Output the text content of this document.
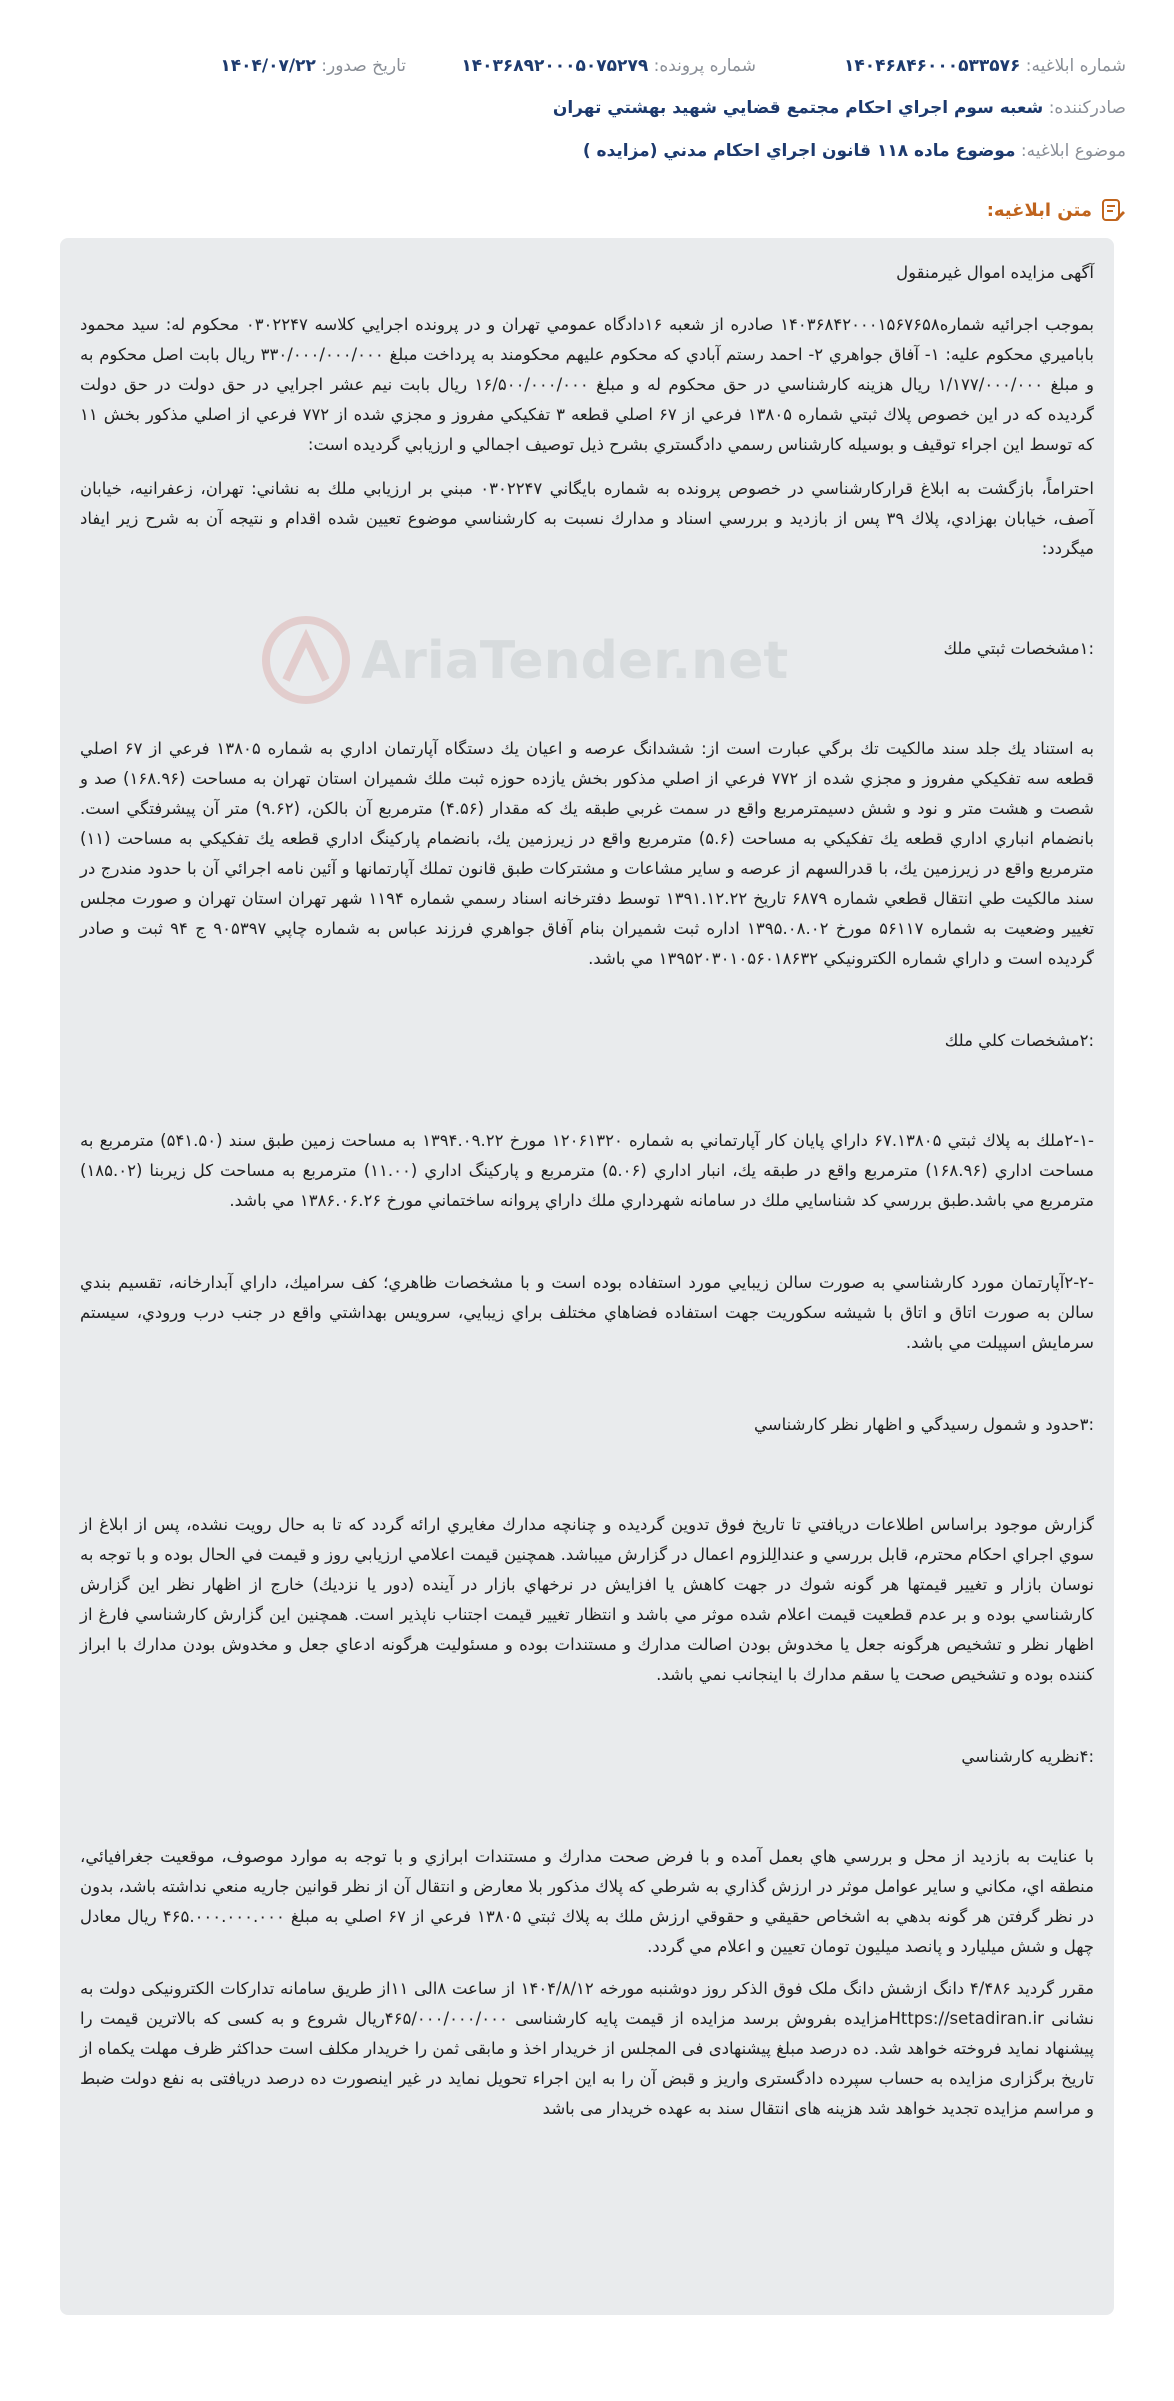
شماره ابلاغیه: ۱۴۰۴۶۸۴۶۰۰۰۵۳۳۵۷۶
شماره پرونده: ۱۴۰۳۶۸۹۲۰۰۰۵۰۷۵۲۷۹
تاریخ صدور: ۱۴۰۴/۰۷/۲۲
صادرکننده: شعبه سوم اجراي احكام مجتمع قضايي شهيد بهشتي تهران
موضوع ابلاغیه: موضوع ماده ۱۱۸ قانون اجراي احكام مدني (مزايده )
متن ابلاغیه:

آگهی مزایده اموال غیرمنقول

بموجب اجرائيه شماره۱۴۰۳۶۸۴۲۰۰۰۱۵۶۷۶۵۸ صادره از شعبه ۱۶دادگاه عمومي تهران و در پرونده اجرايي كلاسه ۰۳۰۲۲۴۷ محكوم له: سيد محمود باباميري محكوم عليه: ۱- آفاق جواهري ۲- احمد رستم آبادي كه محكوم عليهم محكومند به پرداخت مبلغ ۳۳۰/۰۰۰/۰۰۰/۰۰۰ ريال بابت اصل محكوم به و مبلغ ۱/۱۷۷/۰۰۰/۰۰۰ ريال هزينه كارشناسي در حق محكوم له و مبلغ ۱۶/۵۰۰/۰۰۰/۰۰۰ ريال بابت نيم عشر اجرايي در حق دولت در حق دولت گرديده كه در اين خصوص پلاك ثبتي شماره ۱۳۸۰۵ فرعي از ۶۷ اصلي قطعه ۳ تفكيكي مفروز و مجزي شده از ۷۷۲ فرعي از اصلي مذكور بخش ۱۱ كه توسط اين اجراء توقيف و بوسيله كارشناس رسمي دادگستري بشرح ذيل توصيف اجمالي و ارزيابي گرديده است:

احتراماً، بازگشت به ابلاغ قرارکارشناسي در خصوص پرونده به شماره بايگاني ۰۳۰۲۲۴۷ مبني بر ارزيابي ملك به نشاني: تهران، زعفرانيه، خيابان آصف، خيابان بهزادي، پلاك ۳۹ پس از بازديد و بررسي اسناد و مدارك نسبت به كارشناسي موضوع تعيين شده اقدام و نتيجه آن به شرح زير ايفاد ميگردد:

:۱مشخصات ثبتي ملك

به استناد يك جلد سند مالكيت تك برگي عبارت است از: ششدانگ عرصه و اعيان يك دستگاه آپارتمان اداري به شماره ۱۳۸۰۵ فرعي از ۶۷ اصلي قطعه سه تفكيكي مفروز و مجزي شده از ۷۷۲ فرعي از اصلي مذكور بخش يازده حوزه ثبت ملك شميران استان تهران به مساحت (۱۶۸.۹۶) صد و شصت و هشت متر و نود و شش دسيمترمربع واقع در سمت غربي طبقه يك كه مقدار (۴.۵۶) مترمربع آن بالكن، (۹.۶۲) متر آن پيشرفتگي است. بانضمام انباري اداري قطعه يك تفكيكي به مساحت (۵.۶) مترمربع واقع در زيرزمين يك، بانضمام پاركينگ اداري قطعه يك تفكيكي به مساحت (۱۱) مترمربع واقع در زيرزمين يك، با قدرالسهم از عرصه و ساير مشاعات و مشتركات طبق قانون تملك آپارتمانها و آئين نامه اجرائي آن با حدود مندرج در سند مالكيت طي انتقال قطعي شماره ۶۸۷۹ تاريخ ۱۳۹۱.۱۲.۲۲ توسط دفترخانه اسناد رسمي شماره ۱۱۹۴ شهر تهران استان تهران و صورت مجلس تغيير وضعيت به شماره ۵۶۱۱۷ مورخ ۱۳۹۵.۰۸.۰۲ اداره ثبت شميران بنام آفاق جواهري فرزند عباس به شماره چاپي ۹۰۵۳۹۷ ج ۹۴ ثبت و صادر گرديده است و داراي شماره الكترونيكي ۱۳۹۵۲۰۳۰۱۰۵۶۰۱۸۶۳۲ مي باشد.

:۲مشخصات كلي ملك

-۲-۱ملك به پلاك ثبتي ۶۷.۱۳۸۰۵ داراي پايان كار آپارتماني به شماره ۱۲۰۶۱۳۲۰ مورخ ۱۳۹۴.۰۹.۲۲ به مساحت زمين طبق سند (۵۴۱.۵۰) مترمربع به مساحت اداري (۱۶۸.۹۶) مترمربع واقع در طبقه يك، انبار اداري (۵.۰۶) مترمربع و پاركينگ اداري (۱۱.۰۰) مترمربع به مساحت كل زيربنا (۱۸۵.۰۲) مترمربع مي باشد.طبق بررسي كد شناسايي ملك در سامانه شهرداري ملك داراي پروانه ساختماني مورخ ۱۳۸۶.۰۶.۲۶ مي باشد.

-۲-۲آپارتمان مورد كارشناسي به صورت سالن زيبايي مورد استفاده بوده است و با مشخصات ظاهري؛ كف سراميك، داراي آبدارخانه، تقسيم بندي سالن به صورت اتاق و اتاق با شيشه سكوريت جهت استفاده فضاهاي مختلف براي زيبايي، سرويس بهداشتي واقع در جنب درب ورودي، سيستم سرمايش اسپيلت مي باشد.

:۳حدود و شمول رسيدگي و اظهار نظر كارشناسي

گزارش موجود براساس اطلاعات دريافتي تا تاريخ فوق تدوين گرديده و چنانچه مدارك مغايري ارائه گردد كه تا به حال رويت نشده، پس از ابلاغ از سوي اجراي احكام محترم، قابل بررسي و عندالِلزوم اعمال در گزارش ميباشد. همچنين قيمت اعلامي ارزيابي روز و قيمت في الحال بوده و با توجه به نوسان بازار و تغيير قيمتها هر گونه شوك در جهت كاهش يا افزايش در نرخهاي بازار در آينده (دور يا نزديك) خارج از اظهار نظر اين گزارش كارشناسي بوده و بر عدم قطعيت قيمت اعلام شده موثر مي باشد و انتظار تغيير قيمت اجتناب ناپذير است. همچنين اين گزارش كارشناسي فارغ از اظهار نظر و تشخيص هرگونه جعل يا مخدوش بودن اصالت مدارك و مستندات بوده و مسئوليت هرگونه ادعاي جعل و مخدوش بودن مدارك با ابراز كننده بوده و تشخيص صحت يا سقم مدارك با اينجانب نمي باشد.

:۴نظريه كارشناسي

با عنايت به بازديد از محل و بررسي هاي بعمل آمده و با فرض صحت مدارك و مستندات ابرازي و با توجه به موارد موصوف، موقعيت جغرافيائي، منطقه اي، مكاني و ساير عوامل موثر در ارزش گذاري به شرطي كه پلاك مذكور بلا معارض و انتقال آن از نظر قوانين جاريه منعي نداشته باشد، بدون در نظر گرفتن هر گونه بدهي به اشخاص حقيقي و حقوقي ارزش ملك به پلاك ثبتي ۱۳۸۰۵ فرعي از ۶۷ اصلي به مبلغ ۴۶۵.۰۰۰.۰۰۰.۰۰۰ ريال معادل چهل و شش ميليارد و پانصد ميليون تومان تعيين و اعلام مي گردد.

مقرر گرديد ۴/۴۸۶ دانگ ازشش دانگ ملک فوق الذکر روز دوشنبه مورخه ۱۴۰۴/۸/۱۲ از ساعت ۸الی ۱۱از طریق سامانه تدارکات الکترونیکی دولت به نشانی Https://setadiran.irمزایده بفروش برسد مزایده از قیمت پایه کارشناسی ۴۶۵/۰۰۰/۰۰۰/۰۰۰ریال شروع و به کسی که بالاترین قیمت را پیشنهاد نماید فروخته خواهد شد. ده درصد مبلغ پیشنهادی فی المجلس از خریدار اخذ و مابقی ثمن را خریدار مکلف است حداکثر ظرف مهلت یکماه از تاریخ برگزاری مزایده به حساب سپرده دادگستری واریز و قبض آن را به این اجراء تحویل نماید در غیر اینصورت ده درصد دریافتی به نفع دولت ضبط و مراسم مزایده تجدید خواهد شد هزینه های انتقال سند به عهده خریدار می باشد

AriaTender.net
